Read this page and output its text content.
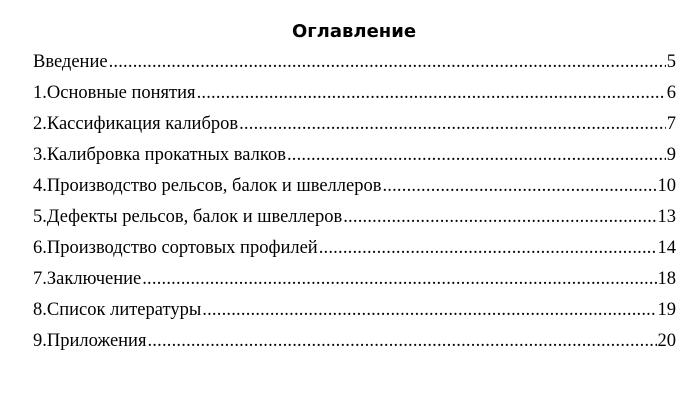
Оглавление
Введение .....	5
1.Основные понятия .....	6
2.Кассификация калибров .....	7
3.Калибровка прокатных валков .....	9
4.Производство рельсов, балок и швеллеров .....	10
5.Дефекты рельсов, балок и швеллеров .....	13
6.Производство сортовых профилей .....	14
7.Заключение .....	18
8.Список литературы .....	19
9.Приложения .....	20
